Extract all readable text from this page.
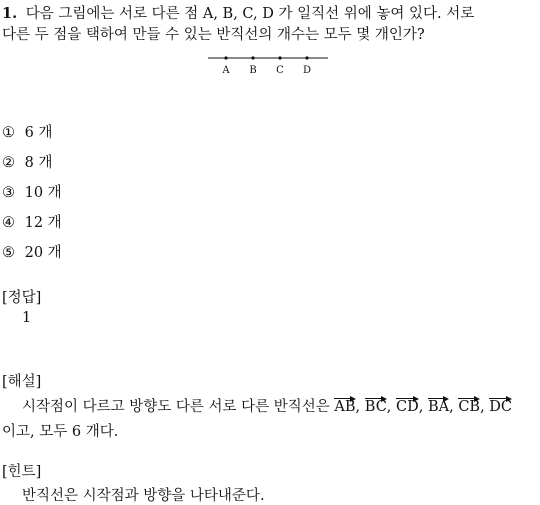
1. 다음 그림에는 서로 다른 점 A, B, C, D 가 일직선 위에 놓여 있다. 서로
다른 두 점을 택하여 만들 수 있는 반직선의 개수는 모두 몇 개인가?
A B C D
① 6 개
② 8 개
③ 10 개
④ 12 개
⑤ 20 개
[정답]
1
[해설]
시작점이 다르고 방향도 다른 서로 다른 반직선은 AB,
BC,
CD,
BA,
CB,
DC
이고, 모두 6 개다.
[힌트]
반직선은 시작점과 방향을 나타내준다.
